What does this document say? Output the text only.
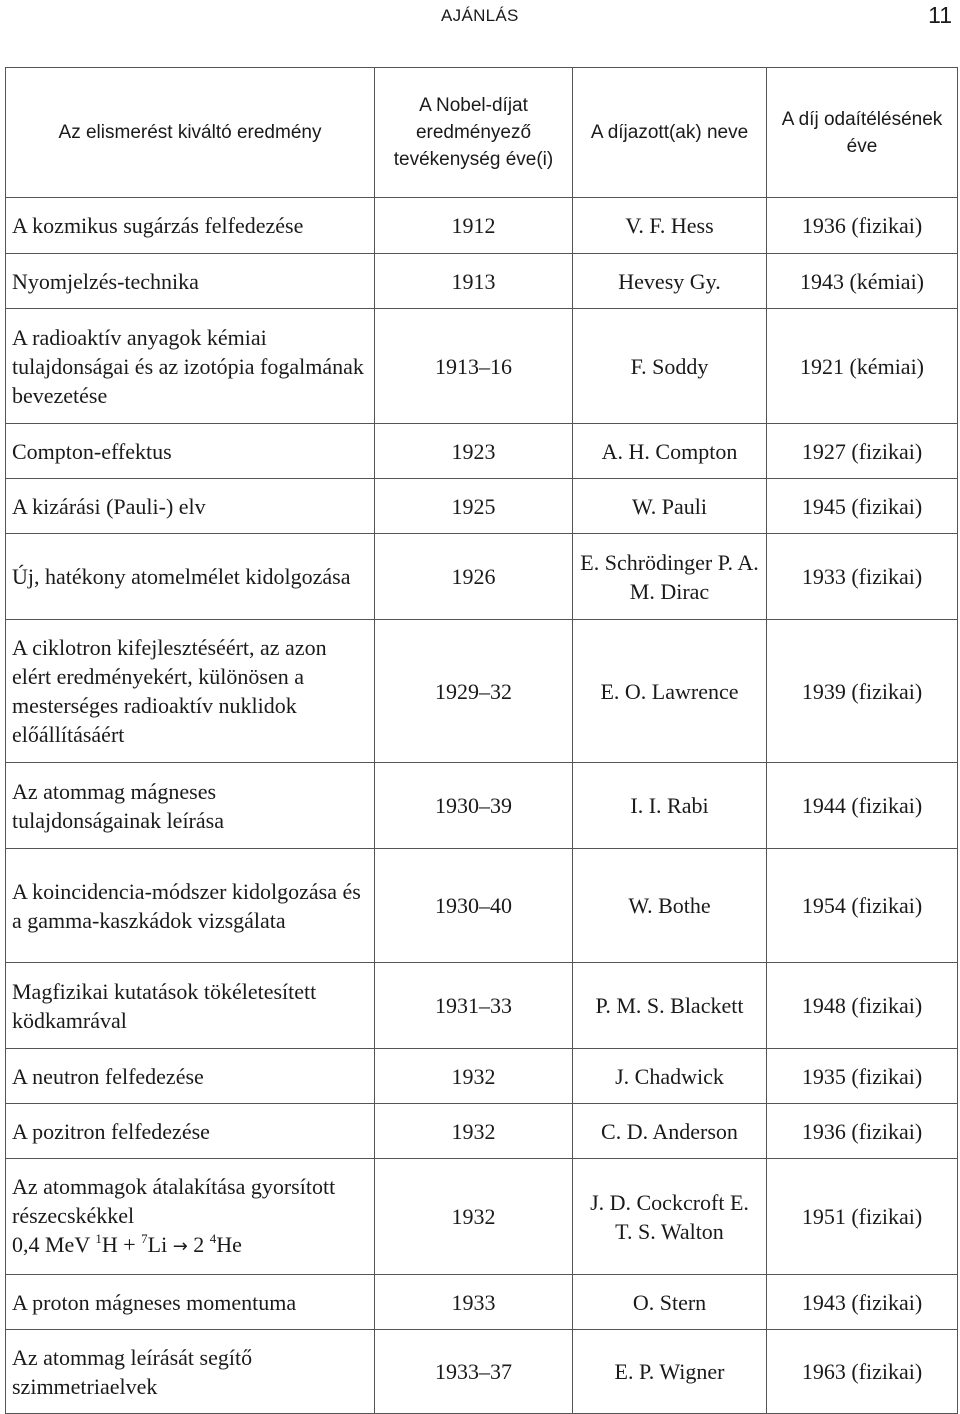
AJÁNLÁS	11
Az elismerést kiváltó eredmény	A Nobel-díjat eredményező tevékenység éve(i)	A díjazott(ak) neve	A díj odaítélésének éve
A kozmikus sugárzás felfedezése	1912	V. F. Hess	1936 (fizikai)
Nyomjelzés-technika	1913	Hevesy Gy.	1943 (kémiai)
A radioaktív anyagok kémiai tulajdonságai és az izotópia fogalmának bevezetése	1913–16	F. Soddy	1921 (kémiai)
Compton-effektus	1923	A. H. Compton	1927 (fizikai)
A kizárási (Pauli-) elv	1925	W. Pauli	1945 (fizikai)
Új, hatékony atomelmélet kidolgozása	1926	E. Schrödinger P. A. M. Dirac	1933 (fizikai)
A ciklotron kifejlesztéséért, az azon elért eredményekért, különösen a mesterséges radioaktív nuklidok előállításáért	1929–32	E. O. Lawrence	1939 (fizikai)
Az atommag mágneses tulajdonságainak leírása	1930–39	I. I. Rabi	1944 (fizikai)
A koincidencia-módszer kidolgozása és a gamma-kaszkádok vizsgálata	1930–40	W. Bothe	1954 (fizikai)
Magfizikai kutatások tökéletesített ködkamrával	1931–33	P. M. S. Blackett	1948 (fizikai)
A neutron felfedezése	1932	J. Chadwick	1935 (fizikai)
A pozitron felfedezése	1932	C. D. Anderson	1936 (fizikai)
Az atommagok átalakítása gyorsított részecskékkel
0,4 MeV $^1$H + $^7$Li → 2 $^4$He	1932	J. D. Cockcroft E. T. S. Walton	1951 (fizikai)
A proton mágneses momentuma	1933	O. Stern	1943 (fizikai)
Az atommag leírását segítő szimmetriaelvek	1933–37	E. P. Wigner	1963 (fizikai)
